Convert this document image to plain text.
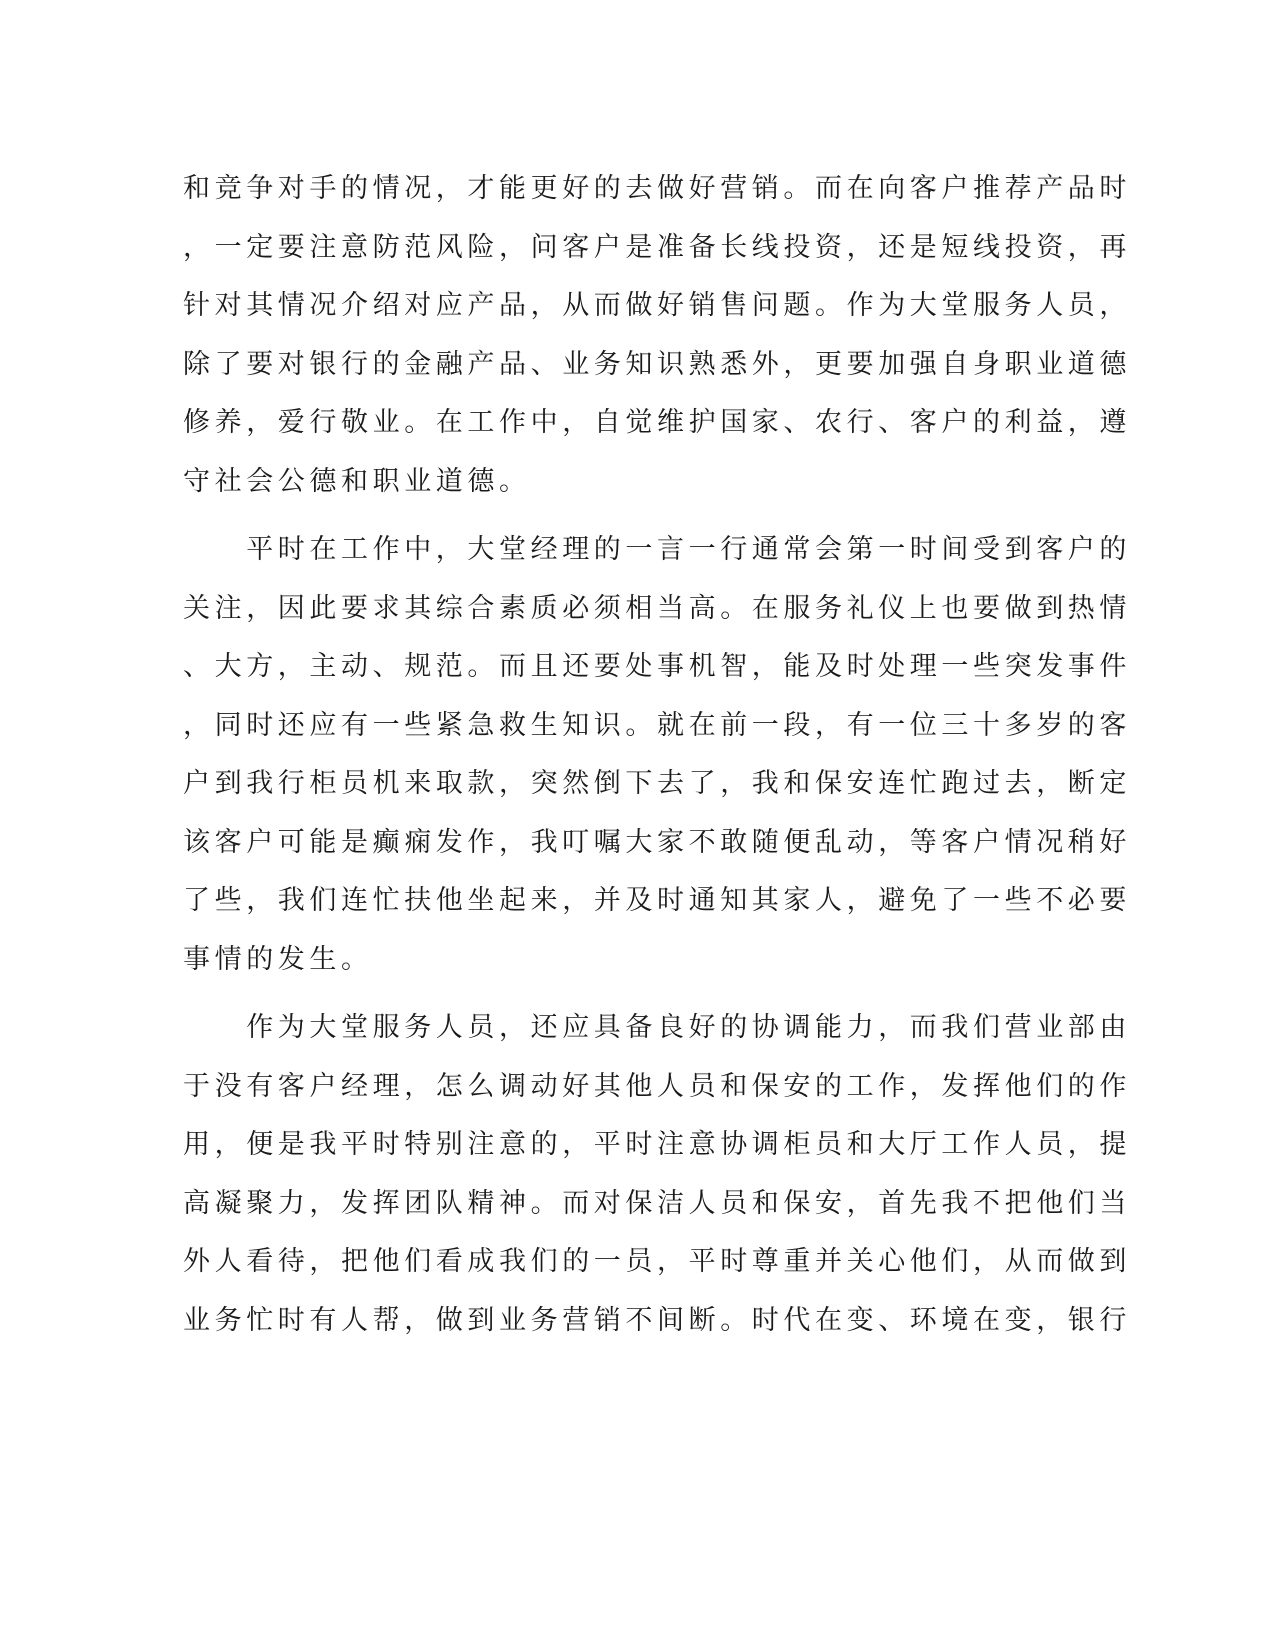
和竞争对手的情况，才能更好的去做好营销。而在向客户推荐产品时
，一定要注意防范风险，问客户是准备长线投资，还是短线投资，再
针对其情况介绍对应产品，从而做好销售问题。作为大堂服务人员，
除了要对银行的金融产品、业务知识熟悉外，更要加强自身职业道德
修养，爱行敬业。在工作中，自觉维护国家、农行、客户的利益，遵
守社会公德和职业道德。
　　平时在工作中，大堂经理的一言一行通常会第一时间受到客户的
关注，因此要求其综合素质必须相当高。在服务礼仪上也要做到热情
、大方，主动、规范。而且还要处事机智，能及时处理一些突发事件
，同时还应有一些紧急救生知识。就在前一段，有一位三十多岁的客
户到我行柜员机来取款，突然倒下去了，我和保安连忙跑过去，断定
该客户可能是癫痫发作，我叮嘱大家不敢随便乱动，等客户情况稍好
了些，我们连忙扶他坐起来，并及时通知其家人，避免了一些不必要
事情的发生。
　　作为大堂服务人员，还应具备良好的协调能力，而我们营业部由
于没有客户经理，怎么调动好其他人员和保安的工作，发挥他们的作
用，便是我平时特别注意的，平时注意协调柜员和大厅工作人员，提
高凝聚力，发挥团队精神。而对保洁人员和保安，首先我不把他们当
外人看待，把他们看成我们的一员，平时尊重并关心他们，从而做到
业务忙时有人帮，做到业务营销不间断。时代在变、环境在变，银行
